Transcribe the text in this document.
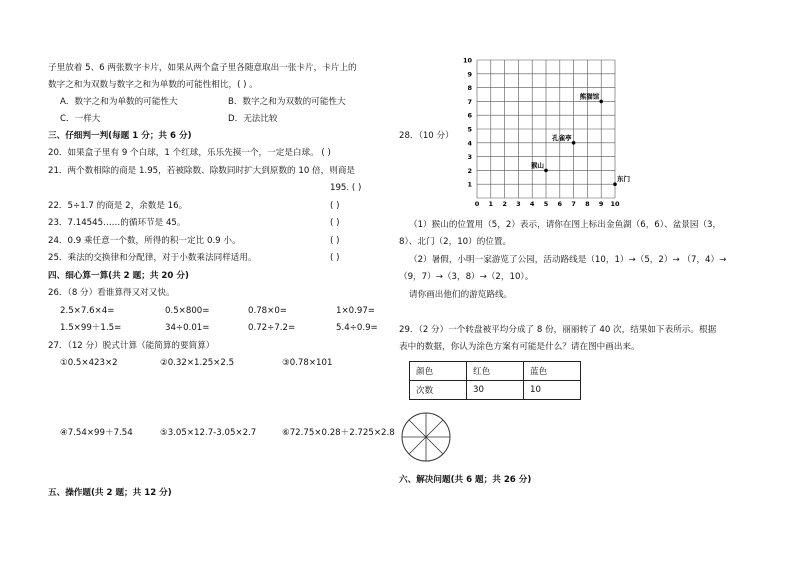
子里放着 5、6 两张数字卡片，如果从两个盒子里各随意取出一张卡片，卡片上的
数字之和为双数与数字之和为单数的可能性相比，( ) 。
A．数字之和为单数的可能性大	B．数字之和为双数的可能性大
C．一样大	D．无法比较
三、仔细判一判(每题 1 分；共 6 分)
20．如果盒子里有 9 个白球，1 个红球，乐乐先摸一个，一定是白球。 ( )
21．两个数相除的商是 1.95，若被除数、除数同时扩大到原数的 10 倍，则商是
195. ( )
22．5÷1.7 的商是 2，余数是 16。	( )
23．7.14545……的循环节是 45。	( )
24．0.9 乘任意一个数，所得的积一定比 0.9 小。	( )
25．乘法的交换律和分配律，对于小数乘法同样适用。	( )
四、细心算一算(共 2 题；共 20 分)
26．（8 分）看谁算得又对又快。
2.5×7.6×4=	0.5×800=	0.78×0=	1×0.97=
1.5×99＋1.5=	34÷0.01=	0.72÷7.2=	5.4÷0.9=
27．（12 分）脱式计算（能简算的要简算）
①0.5×423×2	②0.32×1.25×2.5	③0.78×101
④7.54×99＋7.54	⑤3.05×12.7-3.05×2.7	⑥72.75×0.28＋2.725×2.8
五、操作题(共 2 题；共 12 分)
0 1 2 3 4 5 6 7 8 9 10
1
2
3
4
5
6
7
8
9
10
猴山
孔雀亭
熊猫馆
东门
28．（10 分）
（1）猴山的位置用（5，2）表示，请你在图上标出金鱼湖（6，6）、盆景园（3，
8）、北门（2，10）的位置。
（2）暑假，小明一家游览了公园，活动路线是（10，1）→（5，2）→ （7，4）→
（9，7）→（3，8）→（2，10）。
请你画出他们的游览路线。
29．（2 分）一个转盘被平均分成了 8 份，丽丽转了 40 次，结果如下表所示。根据
表中的数据，你认为涂色方案有可能是什么？请在图中画出来。
颜色	红色	蓝色
次数	30	10
六、解决问题(共 6 题；共 26 分)
